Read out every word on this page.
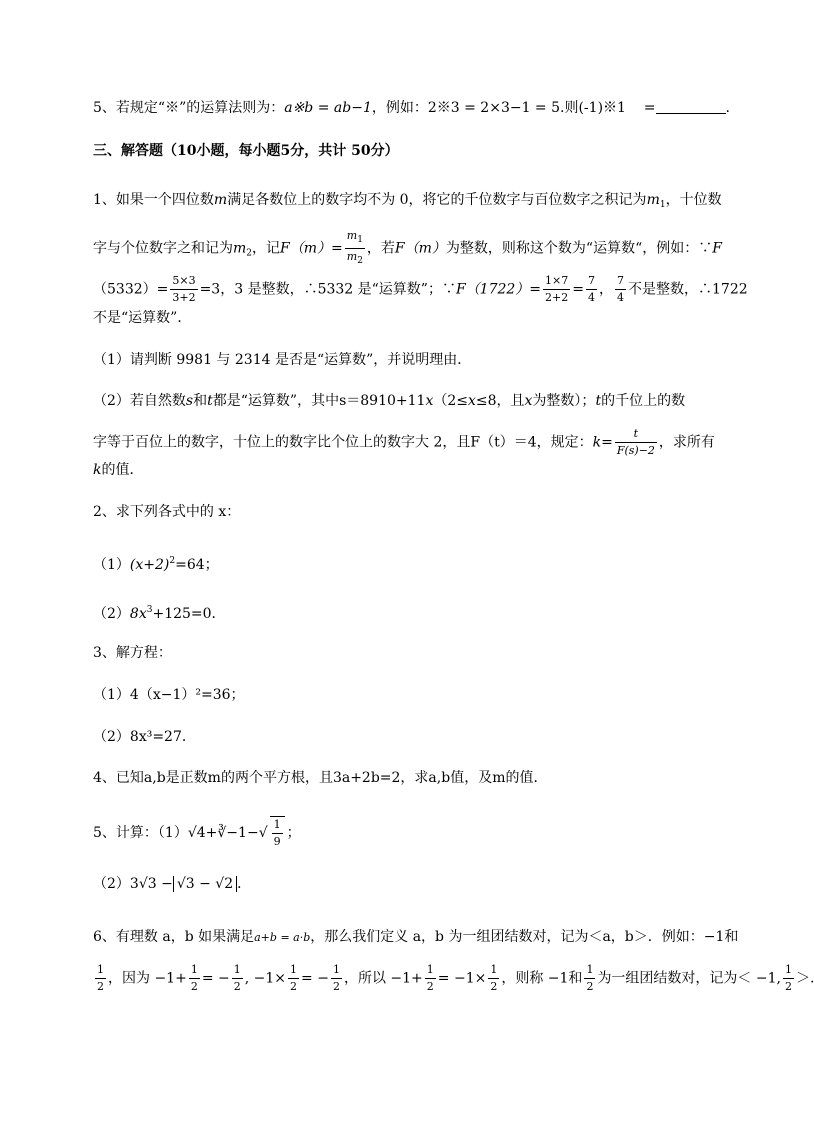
5、若规定“※”的运算法则为：a※b = ab−1，例如：2※3 = 2×3−1 = 5.则(-1)※1 =	.
三、解答题（10小题，每小题5分，共计 50分）
1、如果一个四位数m满足各数位上的数字均不为 0，将它的千位数字与百位数字之积记为$m_1$，十位数
字与个位数字之和记为$m_2$，记$F(m)= \frac{m_1}{m_2}$ ，若F（m）为整数，则称这个数为“运算数“，例如：∵F
$(5332)= \frac{5\times 3}{3+2} =3$，3 是整数，∴5332 是“运算数”；∵F（1722）= $\frac{1\times 7}{2+2} = \frac{7}{4}$ ， $\frac{7}{4}$ 不是整数，∴1722
不是“运算数”．
（1）请判断 9981 与 2314 是否是“运算数”，并说明理由．
（2）若自然数s和t都是“运算数”，其中s＝8910+11x（2≤x≤8，且x为整数）；t的千位上的数
字等于百位上的数字，十位上的数字比个位上的数字大 2，且F（t）＝4，规定：$k= \frac{t}{F(s)-2}$ ，求所有
k的值．
2、求下列各式中的 x：
$(1)(x+2)^2=64$；
$(2)8x^3+125=0$．
3、解方程：
（1）4（x−1）²=36；
（2）8x³=27．
4、已知a,b是正数m的两个平方根，且3a+2b=2，求a,b值，及m的值．
5、计算：（1）√4+∛−1−√ $\frac{1}{9}$ ；
（2）3√3 − √3 − √2 ．
6、有理数 a，b 如果满足a+b = a·b，那么我们定义 a，b 为一组团结数对，记为＜a，b＞．例如：−1和
$\frac{1}{2}$ ，因为 $-1+ \frac{1}{2}$ = − $\frac{1}{2}$ , $-1\times \frac{1}{2}$ = − $\frac{1}{2}$ ，所以 $-1+ \frac{1}{2} = -1\times \frac{1}{2}$ ，则称 −1和 $\frac{1}{2}$ 为一组团结数对，记为＜ −1, $\frac{1}{2}$ ＞.
